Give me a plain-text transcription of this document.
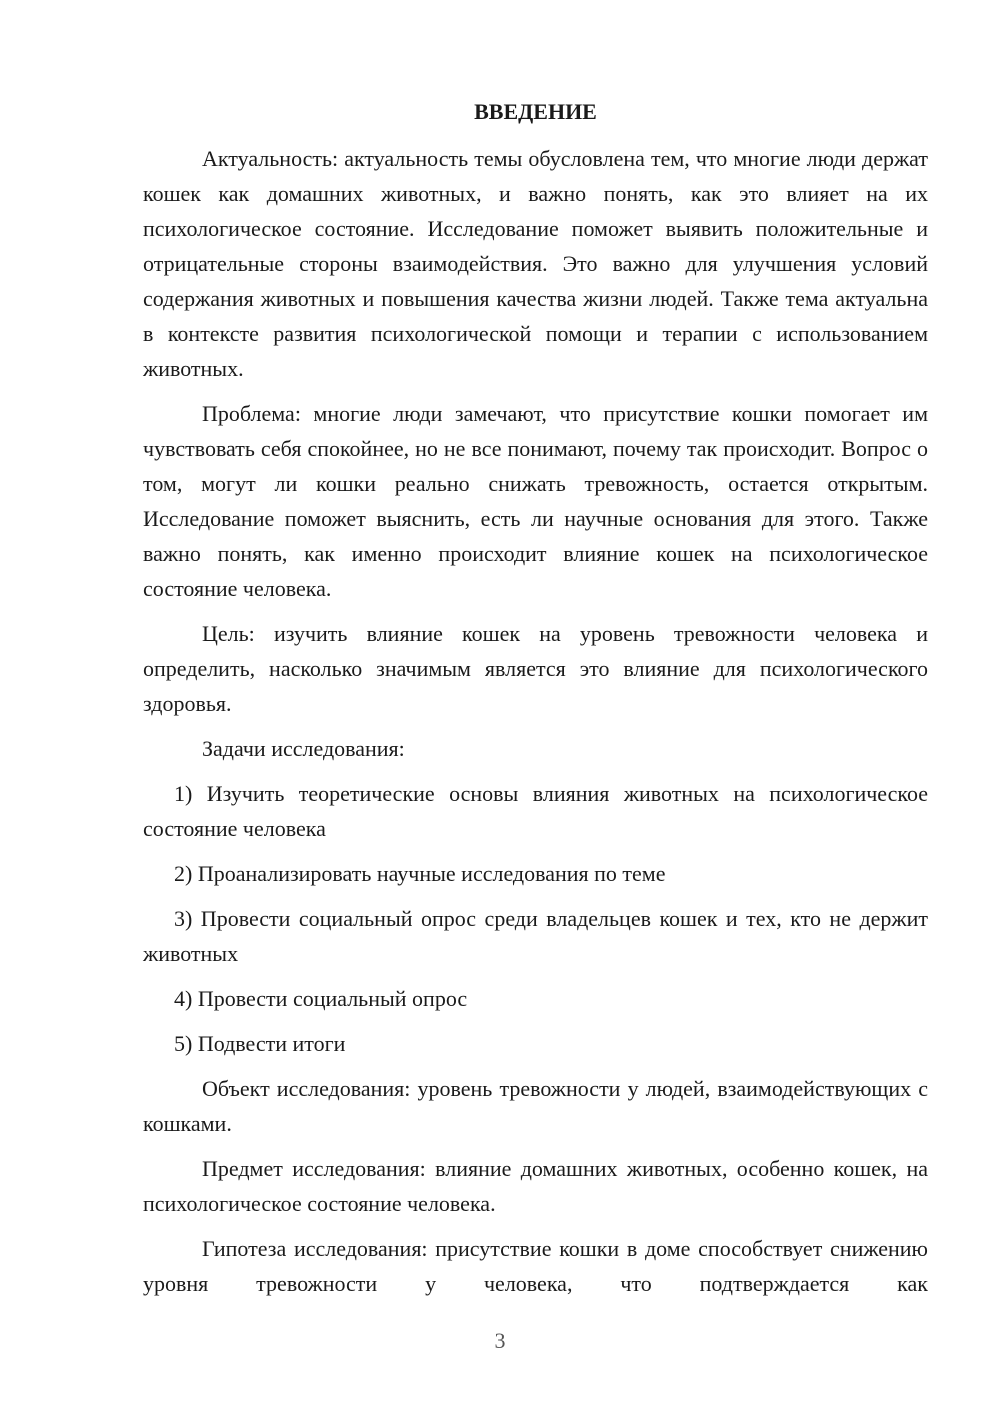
ВВЕДЕНИЕ

Актуальность: актуальность темы обусловлена тем, что многие люди держат кошек как домашних животных, и важно понять, как это влияет на их психологическое состояние. Исследование поможет выявить положительные и отрицательные стороны взаимодействия. Это важно для улучшения условий содержания животных и повышения качества жизни людей. Также тема актуальна в контексте развития психологической помощи и терапии с использованием животных.

Проблема: многие люди замечают, что присутствие кошки помогает им чувствовать себя спокойнее, но не все понимают, почему так происходит. Вопрос о том, могут ли кошки реально снижать тревожность, остается открытым. Исследование поможет выяснить, есть ли научные основания для этого. Также важно понять, как именно происходит влияние кошек на психологическое состояние человека.

Цель: изучить влияние кошек на уровень тревожности человека и определить, насколько значимым является это влияние для психологического здоровья.

Задачи исследования:

1) Изучить теоретические основы влияния животных на психологическое состояние человека

2) Проанализировать научные исследования по теме

3) Провести социальный опрос среди владельцев кошек и тех, кто не держит животных

4) Провести социальный опрос

5) Подвести итоги

Объект исследования: уровень тревожности у людей, взаимодействующих с кошками.

Предмет исследования: влияние домашних животных, особенно кошек, на психологическое состояние человека.

Гипотеза исследования: присутствие кошки в доме способствует снижению уровня тревожности у человека, что подтверждается как

3
